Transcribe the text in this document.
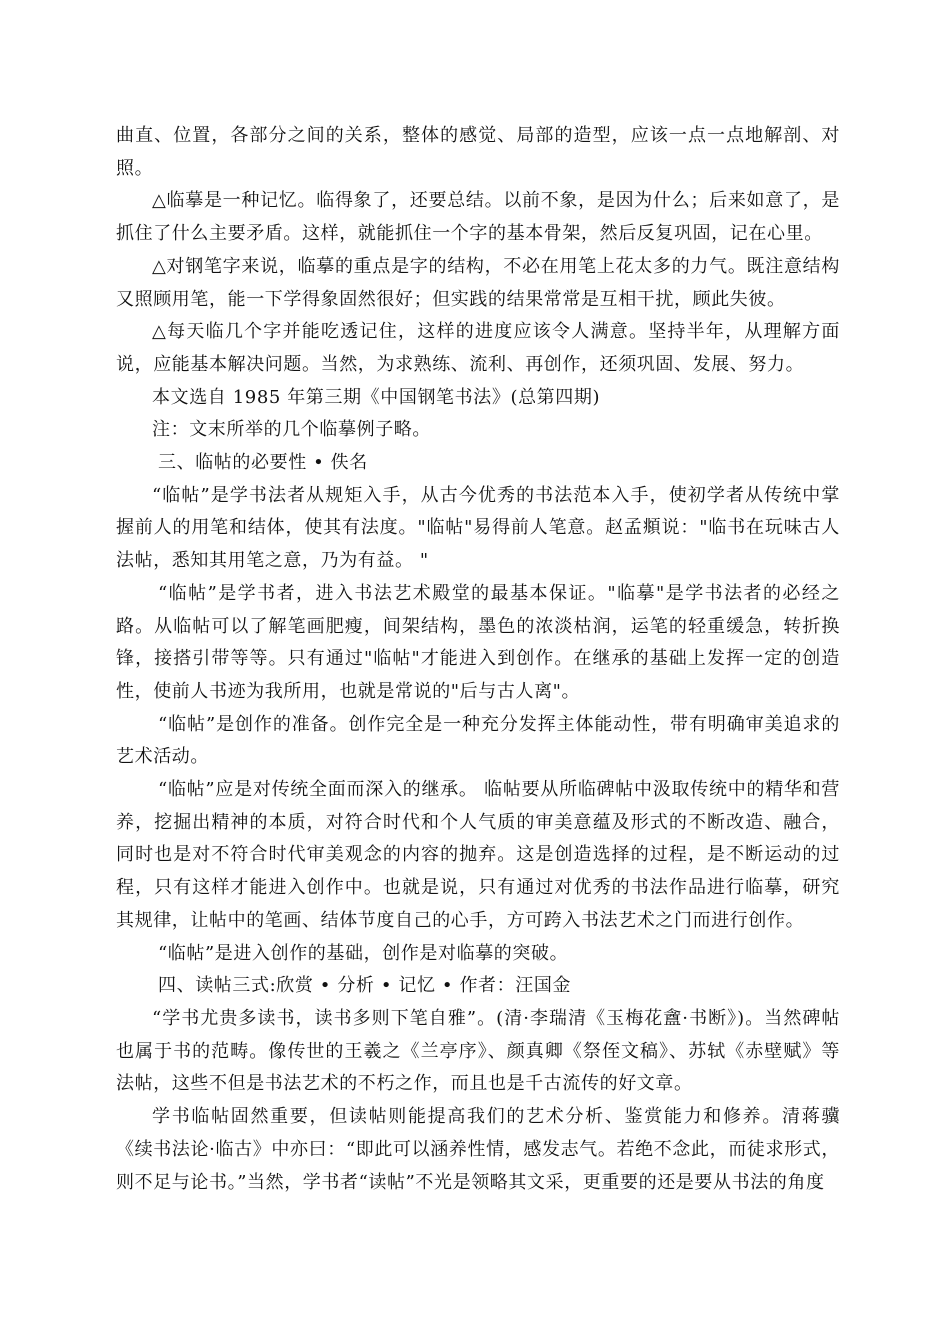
曲直、位置，各部分之间的关系，整体的感觉、局部的造型，应该一点一点地解剖、对照。

△临摹是一种记忆。临得象了，还要总结。以前不象，是因为什么；后来如意了，是抓住了什么主要矛盾。这样，就能抓住一个字的基本骨架，然后反复巩固，记在心里。

△对钢笔字来说，临摹的重点是字的结构，不必在用笔上花太多的力气。既注意结构又照顾用笔，能一下学得象固然很好；但实践的结果常常是互相干扰，顾此失彼。

△每天临几个字并能吃透记住，这样的进度应该令人满意。坚持半年，从理解方面说，应能基本解决问题。当然，为求熟练、流利、再创作，还须巩固、发展、努力。

本文选自 1985 年第三期《中国钢笔书法》(总第四期)

注：文末所举的几个临摹例子略。

三、临帖的必要性 • 佚名

“临帖”是学书法者从规矩入手，从古今优秀的书法范本入手，使初学者从传统中掌握前人的用笔和结体，使其有法度。"临帖"易得前人笔意。赵孟頫说："临书在玩味古人法帖，悉知其用笔之意，乃为有益。 "

“临帖”是学书者，进入书法艺术殿堂的最基本保证。"临摹"是学书法者的必经之路。从临帖可以了解笔画肥瘦，间架结构，墨色的浓淡枯润，运笔的轻重缓急，转折换锋，接搭引带等等。只有通过"临帖"才能进入到创作。在继承的基础上发挥一定的创造性，使前人书迹为我所用，也就是常说的"后与古人离"。

“临帖”是创作的准备。创作完全是一种充分发挥主体能动性，带有明确审美追求的艺术活动。

“临帖”应是对传统全面而深入的继承。 临帖要从所临碑帖中汲取传统中的精华和营养，挖掘出精神的本质，对符合时代和个人气质的审美意蕴及形式的不断改造、融合，同时也是对不符合时代审美观念的内容的抛弃。这是创造选择的过程，是不断运动的过程，只有这样才能进入创作中。也就是说，只有通过对优秀的书法作品进行临摹，研究其规律，让帖中的笔画、结体节度自己的心手，方可跨入书法艺术之门而进行创作。

“临帖”是进入创作的基础，创作是对临摹的突破。

四、读帖三式:欣赏 • 分析 • 记忆 • 作者：汪国金

“学书尤贵多读书，读书多则下笔自雅”。(清·李瑞清《玉梅花盦·书断》)。当然碑帖也属于书的范畴。像传世的王羲之《兰亭序》、颜真卿《祭侄文稿》、苏轼《赤壁赋》等法帖，这些不但是书法艺术的不朽之作，而且也是千古流传的好文章。

学书临帖固然重要，但读帖则能提高我们的艺术分析、鉴赏能力和修养。清蒋骥《续书法论·临古》中亦曰：“即此可以涵养性情，感发志气。若绝不念此，而徒求形式，则不足与论书。”当然，学书者“读帖”不光是领略其文采，更重要的还是要从书法的角度
